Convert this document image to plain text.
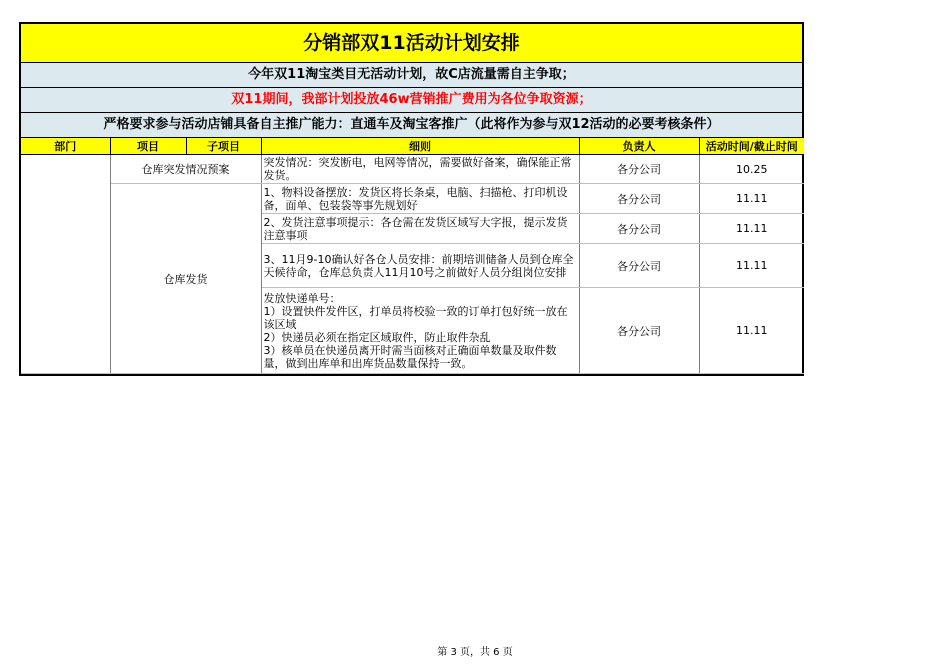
分销部双11活动计划安排
今年双11淘宝类目无活动计划，故C店流量需自主争取；
双11期间，我部计划投放46w营销推广费用为各位争取资源；
严格要求参与活动店铺具备自主推广能力：直通车及淘宝客推广（此将作为参与双12活动的必要考核条件）
部门	项目	子项目	细则	负责人	活动时间/截止时间
	仓库突发情况预案		突发情况：突发断电，电网等情况，需要做好备案，确保能正常发货。	各分公司	10.25
	仓库发货		1、物料设备摆放：发货区将长条桌，电脑、扫描枪、打印机设备，面单、包装袋等事先规划好	各分公司	11.11
			2、发货注意事项提示：各仓需在发货区域写大字报，提示发货注意事项	各分公司	11.11
			3、11月9-10确认好各仓人员安排：前期培训储备人员到仓库全天候待命，仓库总负责人11月10号之前做好人员分组岗位安排	各分公司	11.11

			发放快递单号：
1）设置快件发件区，打单员将校验一致的订单打包好统一放在该区域
2）快递员必须在指定区域取件，防止取件杂乱
3）核单员在快递员离开时需当面核对正确面单数量及取件数量，做到出库单和出库货品数量保持一致。	各分公司	11.11
第 3 页，共 6 页
